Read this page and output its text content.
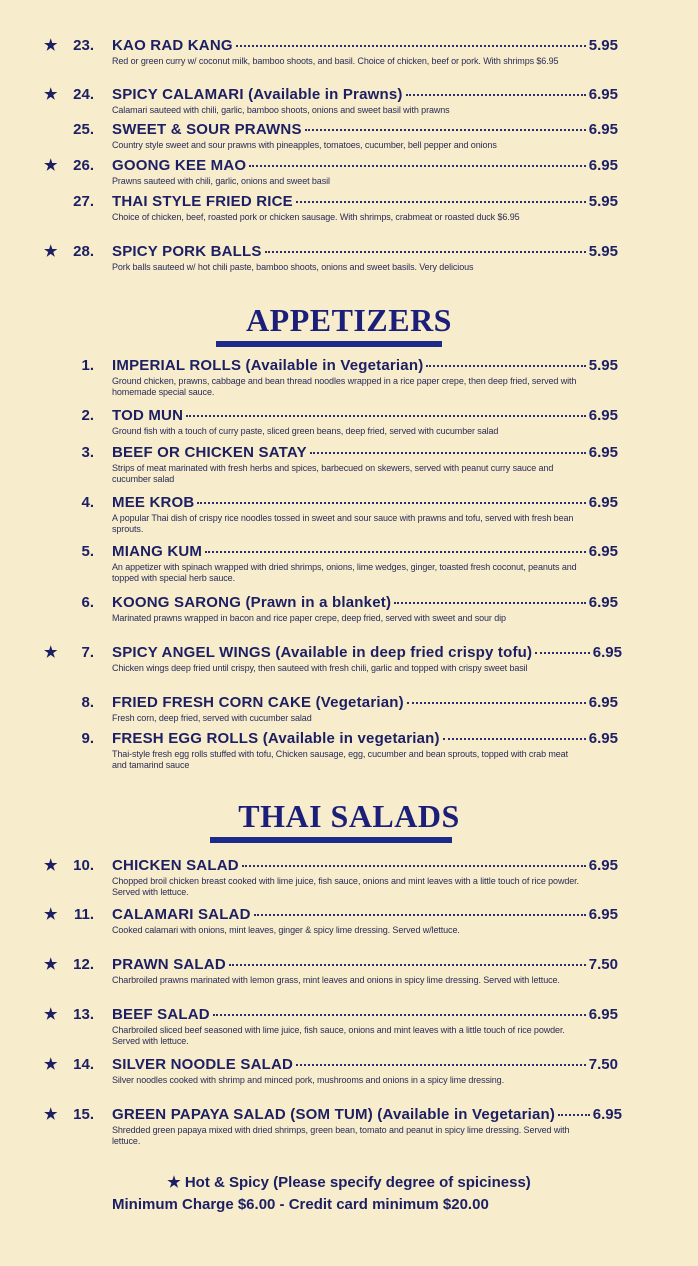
★	23. KAO RAD KANG	5.95
Red or green curry w/ coconut milk, bamboo shoots, and basil. Choice of chicken, beef or pork. With shrimps $6.95
★	24. SPICY CALAMARI (Available in Prawns)	6.95
Calamari sauteed with chili, garlic, bamboo shoots, onions and sweet basil with prawns
25. SWEET & SOUR PRAWNS	6.95
Country style sweet and sour prawns with pineapples, tomatoes, cucumber, bell pepper and onions
★	26. GOONG KEE MAO	6.95
Prawns sauteed with chili, garlic, onions and sweet basil
27. THAI STYLE FRIED RICE	5.95
Choice of chicken, beef, roasted pork or chicken sausage. With shrimps, crabmeat or roasted duck $6.95
★	28. SPICY PORK BALLS	5.95
Pork balls sauteed w/ hot chili paste, bamboo shoots, onions and sweet basils. Very delicious
APPETIZERS
1. IMPERIAL ROLLS (Available in Vegetarian)	5.95
Ground chicken, prawns, cabbage and bean thread noodles wrapped in a rice paper crepe, then deep fried, served with homemade special sauce.
2. TOD MUN	6.95
Ground fish with a touch of curry paste, sliced green beans, deep fried, served with cucumber salad
3. BEEF OR CHICKEN SATAY	6.95
Strips of meat marinated with fresh herbs and spices, barbecued on skewers, served with peanut curry sauce and cucumber salad
4. MEE KROB	6.95
A popular Thai dish of crispy rice noodles tossed in sweet and sour sauce with prawns and tofu, served with fresh bean sprouts.
5. MIANG KUM	6.95
An appetizer with spinach wrapped with dried shrimps, onions, lime wedges, ginger, toasted fresh coconut, peanuts and topped with special herb sauce.
6. KOONG SARONG (Prawn in a blanket)	6.95
Marinated prawns wrapped in bacon and rice paper crepe, deep fried, served with sweet and sour dip
★	7. SPICY ANGEL WINGS (Available in deep fried crispy tofu)	6.95
Chicken wings deep fried until crispy, then sauteed with fresh chili, garlic and topped with crispy sweet basil
8. FRIED FRESH CORN CAKE (Vegetarian)	6.95
Fresh corn, deep fried, served with cucumber salad
9. FRESH EGG ROLLS (Available in vegetarian)	6.95
Thai-style fresh egg rolls stuffed with tofu, Chicken sausage, egg, cucumber and bean sprouts, topped with crab meat and tamarind sauce
THAI SALADS
★	10. CHICKEN SALAD	6.95
Chopped broil chicken breast cooked with lime juice, fish sauce, onions and mint leaves with a little touch of rice powder. Served with lettuce.
★	11. CALAMARI SALAD	6.95
Cooked calamari with onions, mint leaves, ginger & spicy lime dressing. Served w/lettuce.
★	12. PRAWN SALAD	7.50
Charbroiled prawns marinated with lemon grass, mint leaves and onions in spicy lime dressing. Served with lettuce.
★	13. BEEF SALAD	6.95
Charbroiled sliced beef seasoned with lime juice, fish sauce, onions and mint leaves with a little touch of rice powder. Served with lettuce.
★	14. SILVER NOODLE SALAD	7.50
Silver noodles cooked with shrimp and minced pork, mushrooms and onions in a spicy lime dressing.
★	15. GREEN PAPAYA SALAD (SOM TUM) (Available in Vegetarian)	6.95
Shredded green papaya mixed with dried shrimps, green bean, tomato and peanut in spicy lime dressing. Served with lettuce.
★ Hot & Spicy (Please specify degree of spiciness)
Minimum Charge $6.00 - Credit card minimum $20.00
